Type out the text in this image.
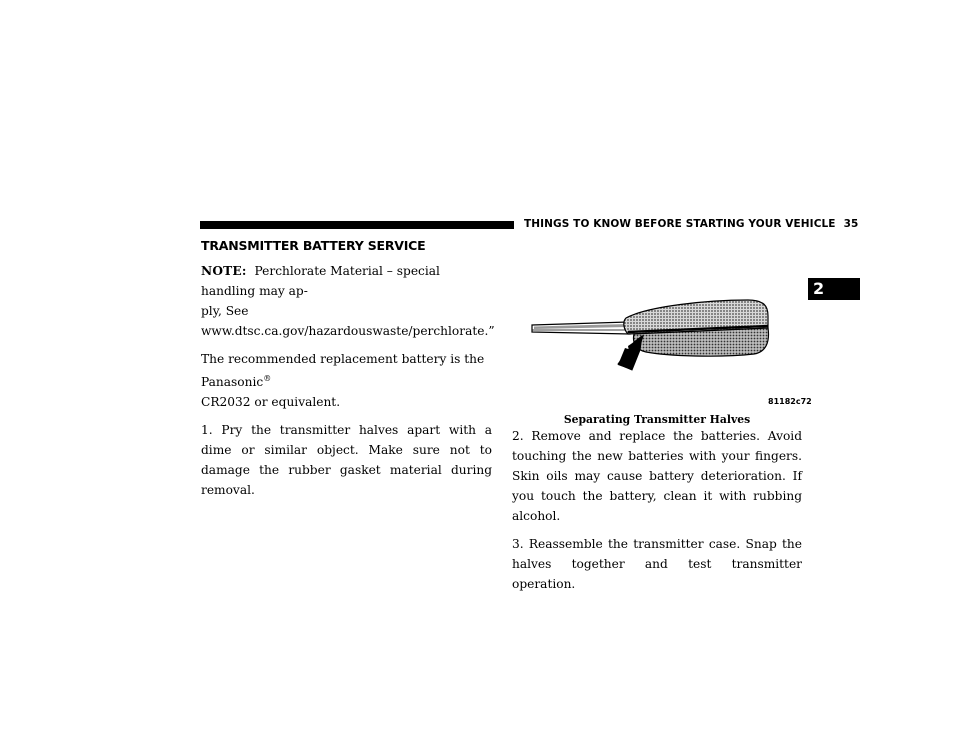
THINGS TO KNOW BEFORE STARTING YOUR VEHICLE 35
2
TRANSMITTER BATTERY SERVICE

NOTE: Perchlorate Material – special handling may ap-
ply, See www.dtsc.ca.gov/hazardouswaste/perchlorate.”

The recommended replacement battery is the Panasonic®
CR2032 or equivalent.

1. Pry the transmitter halves apart with a dime or similar object. Make sure not to damage the rubber gasket material during removal.

81182c72
Separating Transmitter Halves

2. Remove and replace the batteries. Avoid touching the new batteries with your fingers. Skin oils may cause battery deterioration. If you touch the battery, clean it with rubbing alcohol.

3. Reassemble the transmitter case. Snap the halves together and test transmitter operation.
